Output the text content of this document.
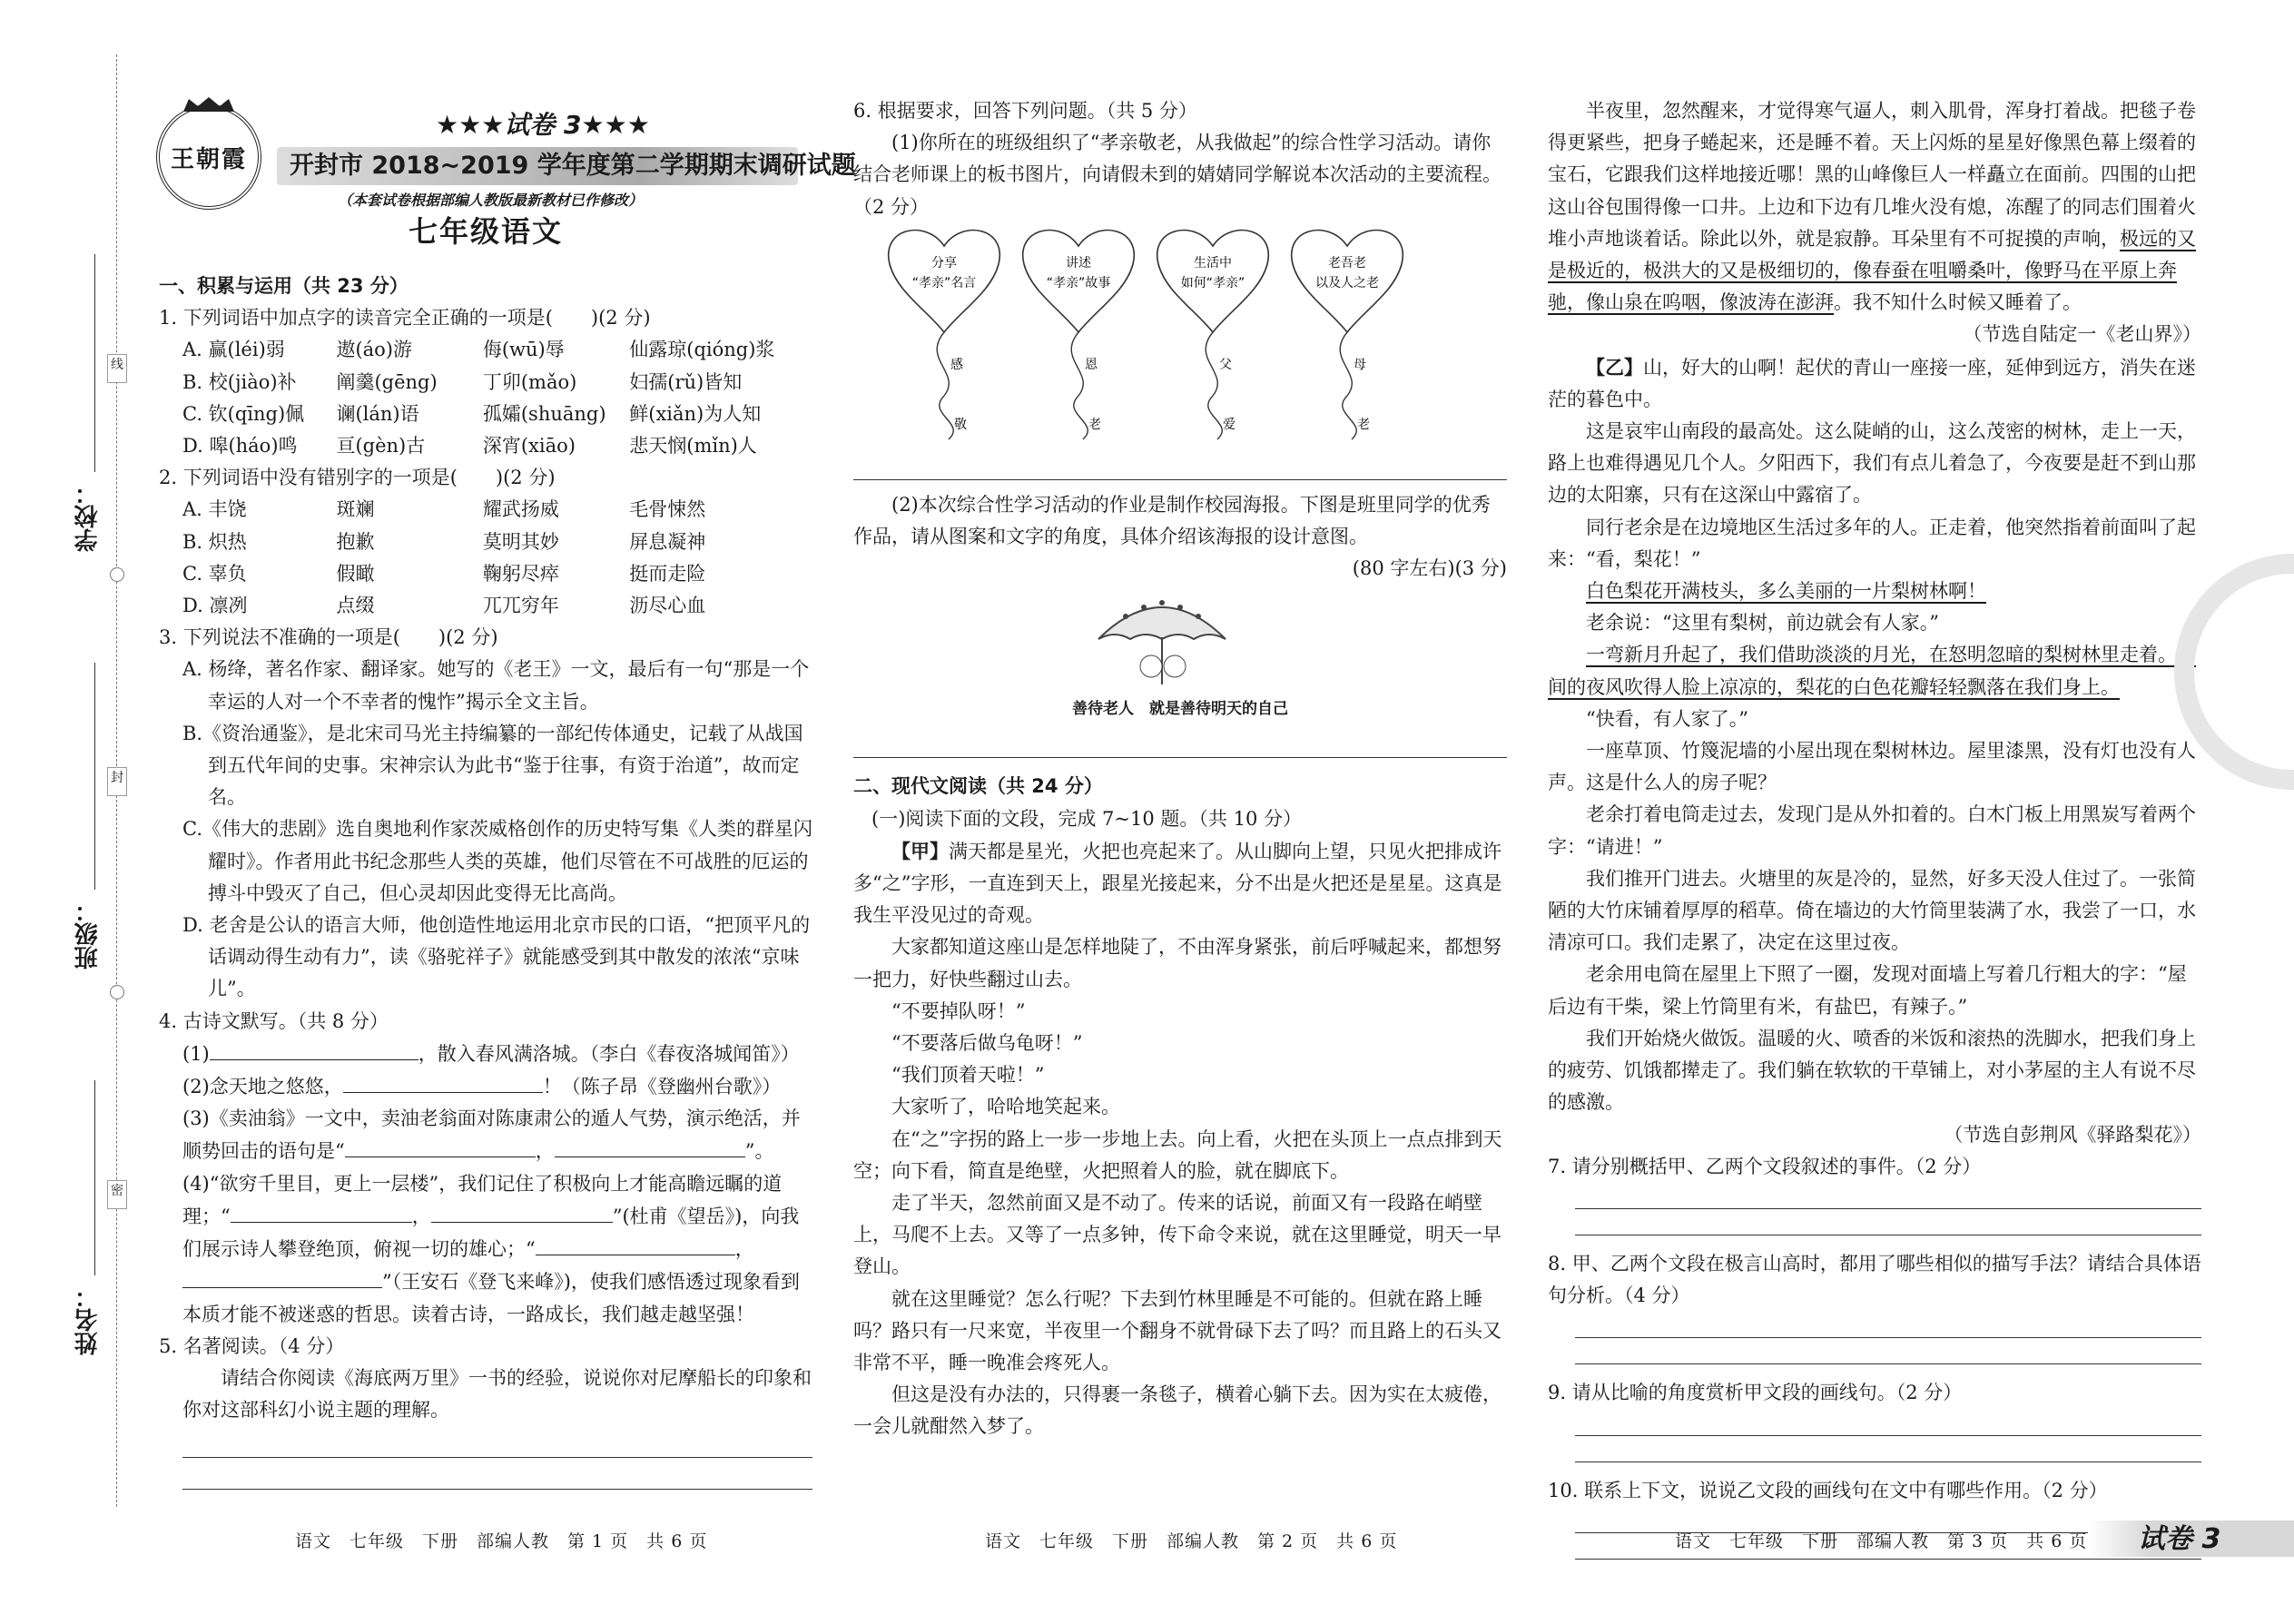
线
封
密
学校：
班级：
姓名：
王朝霞
★★★试卷 3★★★
开封市 2018~2019 学年度第二学期期末调研试题
（本套试卷根据部编人教版最新教材已作修改）
七年级语文

一、积累与运用（共 23 分）

1. 下列词语中加点字的读音完全正确的一项是(　　)(2 分)

A. 赢(léi)弱	遨(áo)游	侮(wū)辱	仙露琼(qióng)浆
B. 校(jiào)补	阐羹(gēng)	丁卯(mǎo)	妇孺(rǔ)皆知
C. 钦(qīng)佩	谰(lán)语	孤孀(shuāng)	鲜(xiǎn)为人知
D. 嗥(háo)鸣	亘(gèn)古	深宵(xiāo)	悲天悯(mǐn)人

2. 下列词语中没有错别字的一项是(　　)(2 分)

A. 丰饶	斑斓	耀武扬威	毛骨悚然
B. 炽热	抱歉	莫明其妙	屏息凝神
C. 辜负	假瞰	鞠躬尽瘁	挺而走险
D. 凛冽	点缀	兀兀穷年	沥尽心血

3. 下列说法不准确的一项是(　　)(2 分)

A. 杨绛，著名作家、翻译家。她写的《老王》一文，最后有一句“那是一个幸运的人对一个不幸者的愧怍”揭示全文主旨。

B.《资治通鉴》，是北宋司马光主持编纂的一部纪传体通史，记载了从战国到五代年间的史事。宋神宗认为此书“鉴于往事，有资于治道”，故而定名。

C.《伟大的悲剧》选自奥地利作家茨威格创作的历史特写集《人类的群星闪耀时》。作者用此书纪念那些人类的英雄，他们尽管在不可战胜的厄运的搏斗中毁灭了自己，但心灵却因此变得无比高尚。

D. 老舍是公认的语言大师，他创造性地运用北京市民的口语，“把顶平凡的话调动得生动有力”，读《骆驼祥子》就能感受到其中散发的浓浓“京味儿”。

4. 古诗文默写。（共 8 分）

(1)	，散入春风满洛城。（李白《春夜洛城闻笛》）

(2)念天地之悠悠，	！（陈子昂《登幽州台歌》）

(3)《卖油翁》一文中，卖油老翁面对陈康肃公的遁人气势，演示绝活，并顺势回击的语句是“	，	”。

(4)“欲穷千里目，更上一层楼”，我们记住了积极向上才能高瞻远瞩的道理；“	，	”(杜甫《望岳》)，向我们展示诗人攀登绝顶，俯视一切的雄心；“	，”（王安石《登飞来峰》)，使我们感悟透过现象看到本质才能不被迷惑的哲思。读着古诗，一路成长，我们越走越坚强！

5. 名著阅读。（4 分）

请结合你阅读《海底两万里》一书的经验，说说你对尼摩船长的印象和你对这部科幻小说主题的理解。

6. 根据要求，回答下列问题。（共 5 分）

(1)你所在的班级组织了“孝亲敬老，从我做起”的综合性学习活动。请你结合老师课上的板书图片，向请假未到的婧婧同学解说本次活动的主要流程。（2 分）

分享
“孝亲”名言
感
敬
讲述
“孝亲”故事
恩
老
生活中
如何“孝亲”
父
爱
老吾老
以及人之老
母
老

(2)本次综合性学习活动的作业是制作校园海报。下图是班里同学的优秀作品，请从图案和文字的角度，具体介绍该海报的设计意图。

(80 字左右)(3 分)

善待老人　就是善待明天的自己

二、现代文阅读（共 24 分）

(一)阅读下面的文段，完成 7~10 题。（共 10 分）

【甲】满天都是星光，火把也亮起来了。从山脚向上望，只见火把排成许多“之”字形，一直连到天上，跟星光接起来，分不出是火把还是星星。这真是我生平没见过的奇观。

大家都知道这座山是怎样地陡了，不由浑身紧张，前后呼喊起来，都想努一把力，好快些翻过山去。

“不要掉队呀！”

“不要落后做乌龟呀！”

“我们顶着天啦！”

大家听了，哈哈地笑起来。

在“之”字拐的路上一步一步地上去。向上看，火把在头顶上一点点排到天空；向下看，简直是绝壁，火把照着人的脸，就在脚底下。

走了半天，忽然前面又是不动了。传来的话说，前面又有一段路在峭壁上，马爬不上去。又等了一点多钟，传下命令来说，就在这里睡觉，明天一早登山。

就在这里睡觉？怎么行呢？下去到竹林里睡是不可能的。但就在路上睡吗？路只有一尺来宽，半夜里一个翻身不就骨碌下去了吗？而且路上的石头又非常不平，睡一晚准会疼死人。

但这是没有办法的，只得裹一条毯子，横着心躺下去。因为实在太疲倦，一会儿就酣然入梦了。

半夜里，忽然醒来，才觉得寒气逼人，刺入肌骨，浑身打着战。把毯子卷得更紧些，把身子蜷起来，还是睡不着。天上闪烁的星星好像黑色幕上缀着的宝石，它跟我们这样地接近哪！黑的山峰像巨人一样矗立在面前。四围的山把这山谷包围得像一口井。上边和下边有几堆火没有熄，冻醒了的同志们围着火堆小声地谈着话。除此以外，就是寂静。耳朵里有不可捉摸的声响，极远的又是极近的，极洪大的又是极细切的，像春蚕在咀嚼桑叶，像野马在平原上奔驰，像山泉在呜咽，像波涛在澎湃。我不知什么时候又睡着了。

（节选自陆定一《老山界》）

【乙】山，好大的山啊！起伏的青山一座接一座，延伸到远方，消失在迷茫的暮色中。

这是哀牢山南段的最高处。这么陡峭的山，这么茂密的树林，走上一天，路上也难得遇见几个人。夕阳西下，我们有点儿着急了，今夜要是赶不到山那边的太阳寨，只有在这深山中露宿了。

同行老余是在边境地区生活过多年的人。正走着，他突然指着前面叫了起来：“看，梨花！”

白色梨花开满枝头，多么美丽的一片梨树林啊！

老余说：“这里有梨树，前边就会有人家。”

一弯新月升起了，我们借助淡淡的月光，在怒明忽暗的梨树林里走着。山间的夜风吹得人脸上凉凉的，梨花的白色花瓣轻轻飘落在我们身上。

“快看，有人家了。”

一座草顶、竹篾泥墙的小屋出现在梨树林边。屋里漆黑，没有灯也没有人声。这是什么人的房子呢？

老余打着电筒走过去，发现门是从外扣着的。白木门板上用黑炭写着两个字：“请进！”

我们推开门进去。火塘里的灰是冷的，显然，好多天没人住过了。一张简陋的大竹床铺着厚厚的稻草。倚在墙边的大竹筒里装满了水，我尝了一口，水清凉可口。我们走累了，决定在这里过夜。

老余用电筒在屋里上下照了一圈，发现对面墙上写着几行粗大的字：“屋后边有干柴，梁上竹筒里有米，有盐巴，有辣子。”

我们开始烧火做饭。温暖的火、喷香的米饭和滚热的洗脚水，把我们身上的疲劳、饥饿都撵走了。我们躺在软软的干草铺上，对小茅屋的主人有说不尽的感激。

（节选自彭荆风《驿路梨花》）

7. 请分别概括甲、乙两个文段叙述的事件。（2 分）

8. 甲、乙两个文段在极言山高时，都用了哪些相似的描写手法？请结合具体语句分析。（4 分）

9. 请从比喻的角度赏析甲文段的画线句。（2 分）

10. 联系上下文，说说乙文段的画线句在文中有哪些作用。（2 分）

语文　七年级　下册　部编人教　第 1 页　共 6 页	语文　七年级　下册　部编人教　第 2 页　共 6 页	语文　七年级　下册　部编人教　第 3 页　共 6 页 试卷 3
